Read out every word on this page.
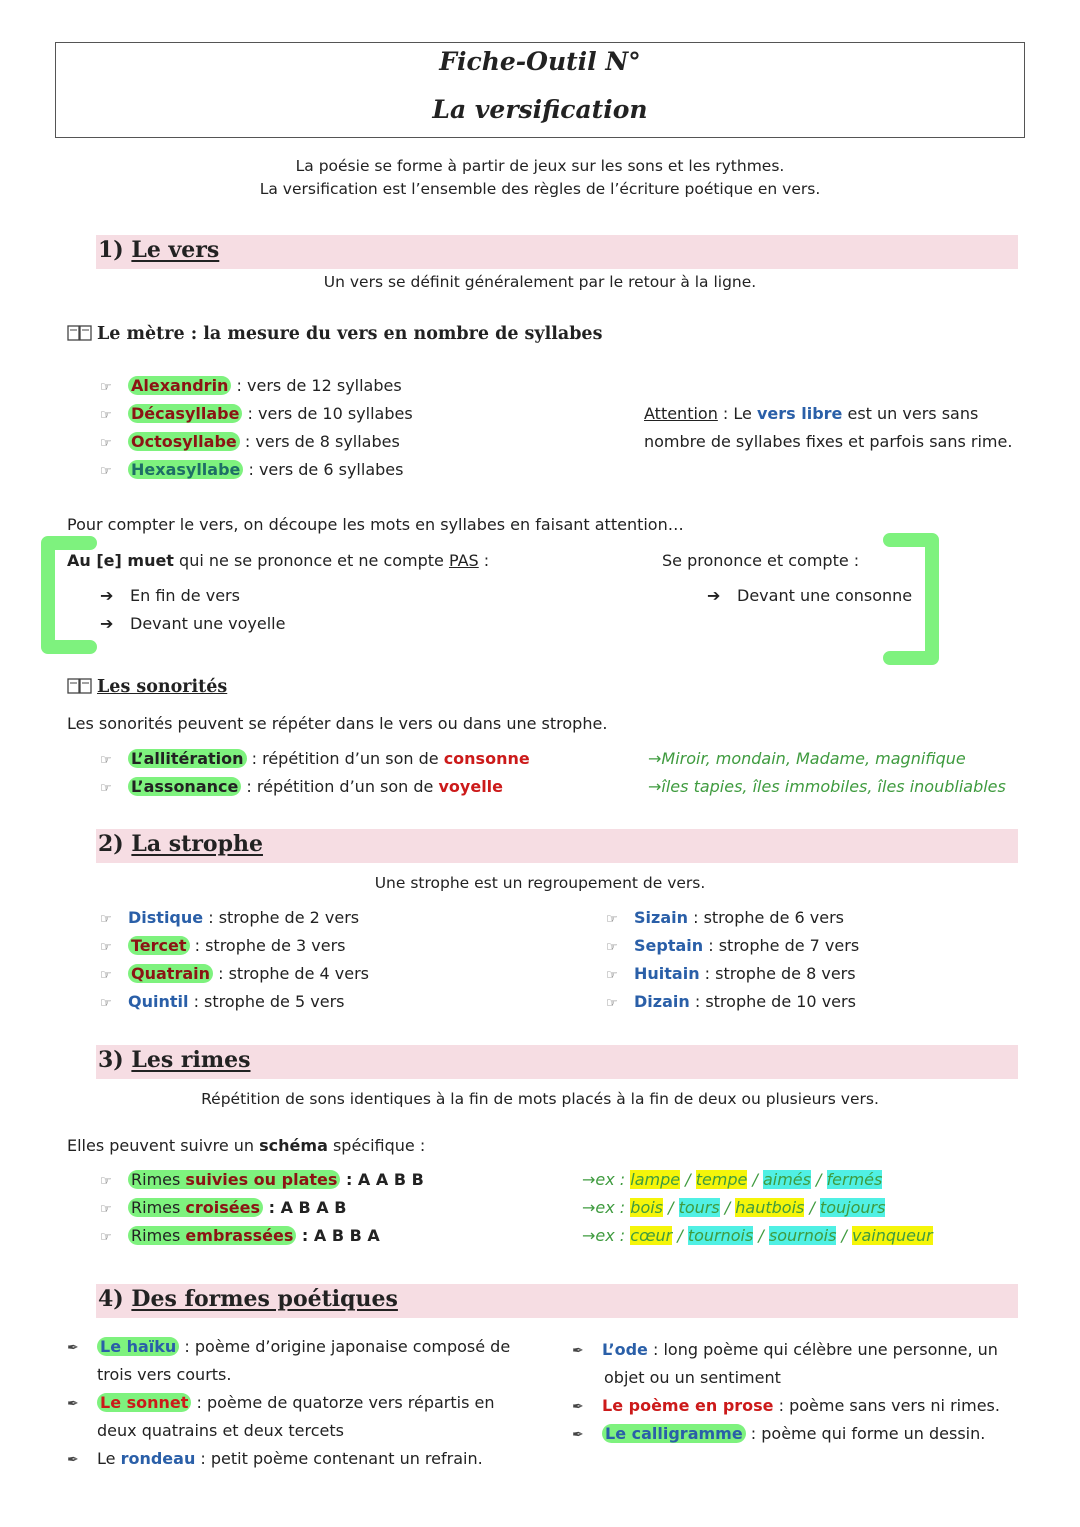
Fiche-Outil N°
La versification
La poésie se forme à partir de jeux sur les sons et les rythmes.
La versification est l’ensemble des règles de l’écriture poétique en vers.
1) Le vers
Un vers se définit généralement par le retour à la ligne.
Le mètre : la mesure du vers en nombre de syllabes
☞ Alexandrin : vers de 12 syllabes
☞ Décasyllabe : vers de 10 syllabes
☞ Octosyllabe : vers de 8 syllabes
☞ Hexasyllabe : vers de 6 syllabes
Attention : Le vers libre est un vers sans
nombre de syllabes fixes et parfois sans rime.
Pour compter le vers, on découpe les mots en syllabes en faisant attention…
Au [e] muet qui ne se prononce et ne compte PAS :
➔ En fin de vers
➔ Devant une voyelle
Se prononce et compte :
➔ Devant une consonne
Les sonorités
Les sonorités peuvent se répéter dans le vers ou dans une strophe.
☞ L’allitération : répétition d’un son de consonne
☞ L’assonance : répétition d’un son de voyelle
→Miroir, mondain, Madame, magnifique
→îles tapies, îles immobiles, îles inoubliables
2) La strophe
Une strophe est un regroupement de vers.
☞ Distique : strophe de 2 vers
☞ Tercet : strophe de 3 vers
☞ Quatrain : strophe de 4 vers
☞ Quintil : strophe de 5 vers
☞ Sizain : strophe de 6 vers
☞ Septain : strophe de 7 vers
☞ Huitain : strophe de 8 vers
☞ Dizain : strophe de 10 vers
3) Les rimes
Répétition de sons identiques à la fin de mots placés à la fin de deux ou plusieurs vers.
Elles peuvent suivre un schéma spécifique :
☞ Rimes suivies ou plates : A A B B
☞ Rimes croisées : A B A B
☞ Rimes embrassées : A B B A
→ex : lampe / tempe / aimés / fermés
→ex : bois / tours / hautbois / toujours
→ex : cœur / tournois / sournois / vainqueur
4) Des formes poétiques
✒ Le haïku : poème d’origine japonaise composé de
trois vers courts.
✒ Le sonnet : poème de quatorze vers répartis en
deux quatrains et deux tercets
✒ Le rondeau : petit poème contenant un refrain.
✒ L’ode : long poème qui célèbre une personne, un
objet ou un sentiment
✒ Le poème en prose : poème sans vers ni rimes.
✒ Le calligramme : poème qui forme un dessin.
